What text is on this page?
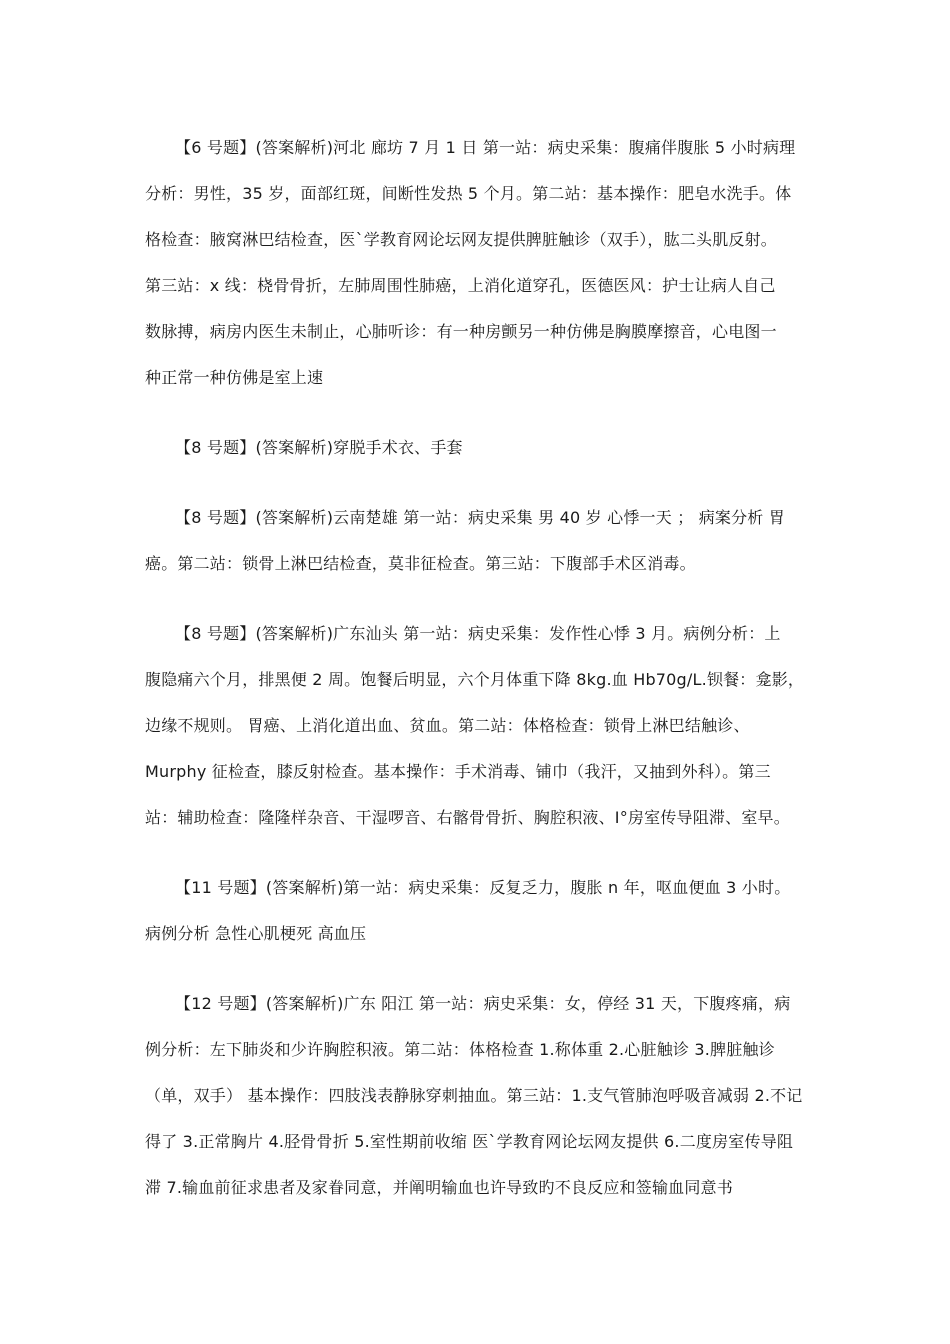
【6 号题】(答案解析)河北 廊坊 7 月 1 日 第一站：病史采集：腹痛伴腹胀 5 小时病理
分析：男性，35 岁，面部红斑，间断性发热 5 个月。第二站：基本操作：肥皂水洗手。体
格检查：腋窝淋巴结检查，医`学教育网论坛网友提供脾脏触诊（双手），肱二头肌反射。
第三站：x 线：桡骨骨折，左肺周围性肺癌，上消化道穿孔，医德医风：护士让病人自己
数脉搏，病房内医生未制止，心肺听诊：有一种房颤另一种仿佛是胸膜摩擦音，心电图一
种正常一种仿佛是室上速
【8 号题】(答案解析)穿脱手术衣、手套
【8 号题】(答案解析)云南楚雄 第一站：病史采集 男 40 岁 心悸一天 ； 病案分析 胃
癌。第二站：锁骨上淋巴结检查，莫非征检查。第三站：下腹部手术区消毒。
【8 号题】(答案解析)广东汕头 第一站：病史采集：发作性心悸 3 月。病例分析：上
腹隐痛六个月，排黑便 2 周。饱餐后明显，六个月体重下降 8kg.血 Hb70g/L.钡餐：龛影，
边缘不规则。 胃癌、上消化道出血、贫血。第二站：体格检查：锁骨上淋巴结触诊、
Murphy 征检查，膝反射检查。基本操作：手术消毒、铺巾（我汗，又抽到外科）。第三
站：辅助检查：隆隆样杂音、干湿啰音、右髂骨骨折、胸腔积液、Ⅰ°房室传导阻滞、室早。
【11 号题】(答案解析)第一站：病史采集：反复乏力，腹胀 n 年，呕血便血 3 小时。
病例分析 急性心肌梗死 高血压
【12 号题】(答案解析)广东 阳江 第一站：病史采集：女，停经 31 天，下腹疼痛，病
例分析：左下肺炎和少许胸腔积液。第二站：体格检查 1.称体重 2.心脏触诊 3.脾脏触诊
（单，双手） 基本操作：四肢浅表静脉穿刺抽血。第三站：1.支气管肺泡呼吸音减弱 2.不记
得了 3.正常胸片 4.胫骨骨折 5.室性期前收缩 医`学教育网论坛网友提供 6.二度房室传导阻
滞 7.输血前征求患者及家眷同意，并阐明输血也许导致旳不良反应和签输血同意书
